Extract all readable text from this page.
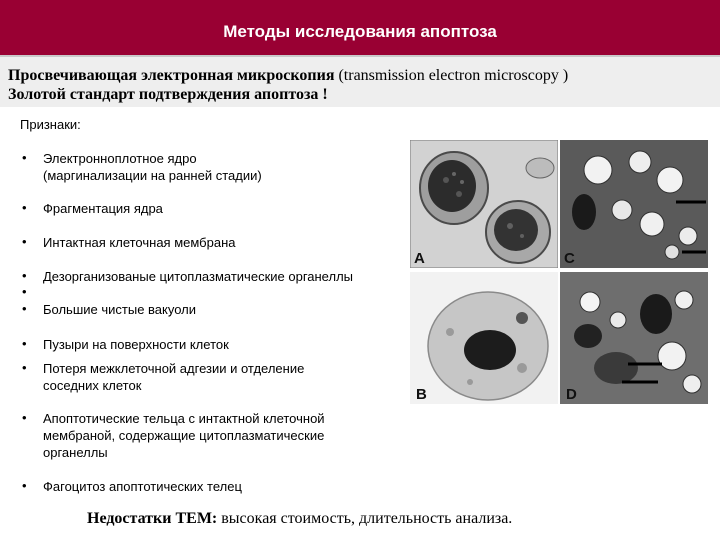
Методы исследования апоптоза
Просвечивающая электронная микроскопия (transmission electron microscopy )
Золотой стандарт подтверждения апоптоза !
Признаки:
• Электронноплотное ядро
(маргинализации на ранней стадии)
• Фрагментация ядра
• Интактная клеточная мембрана
• Дезорганизованые цитоплазматические органеллы
•
• Большие чистые вакуоли
• Пузыри на поверхности клеток
• Потеря межклеточной адгезии и отделение
соседних клеток
• Апоптотические тельца с интактной клеточной
мембраной, содержащие цитоплазматические
органеллы
• Фагоцитоз апоптотических телец
A
B
C
D
Недостатки ТЕМ: высокая стоимость, длительность анализа.
